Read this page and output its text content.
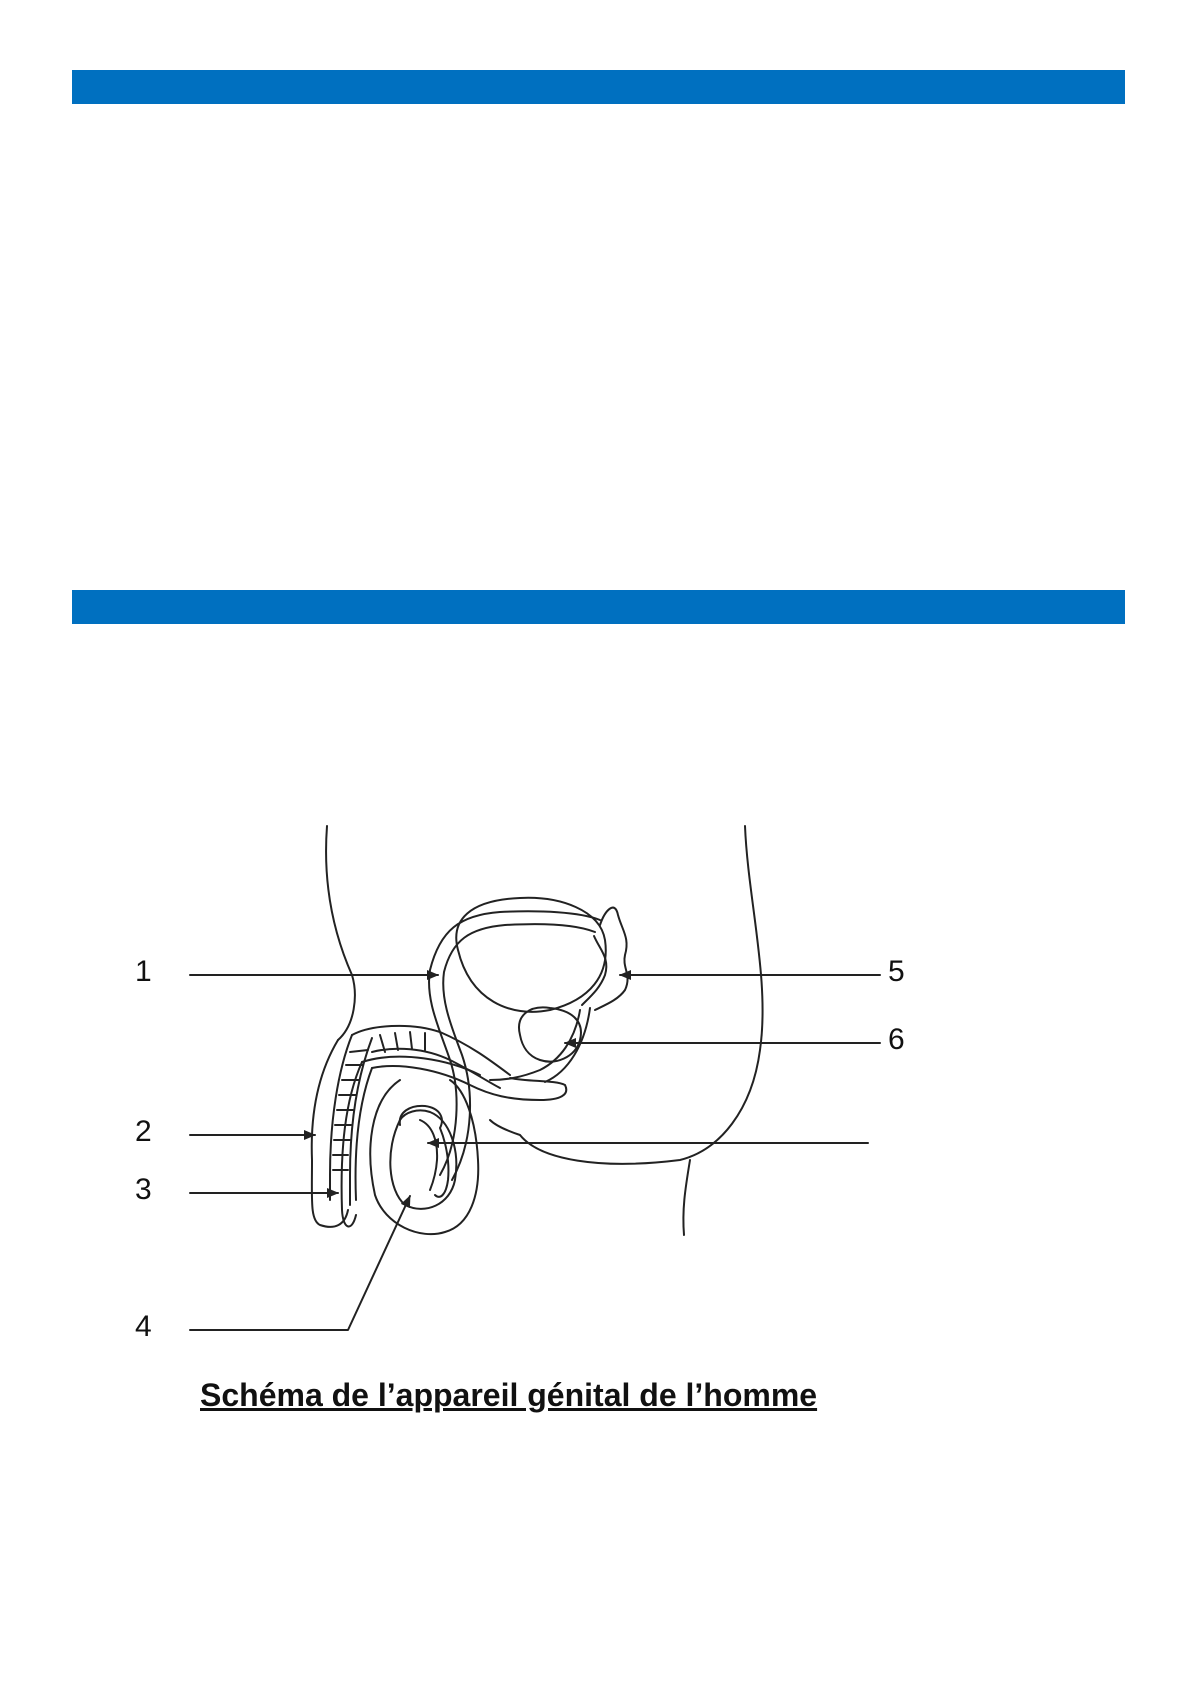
1
2
3
4
5
6
Schéma de l’appareil génital de l’homme
